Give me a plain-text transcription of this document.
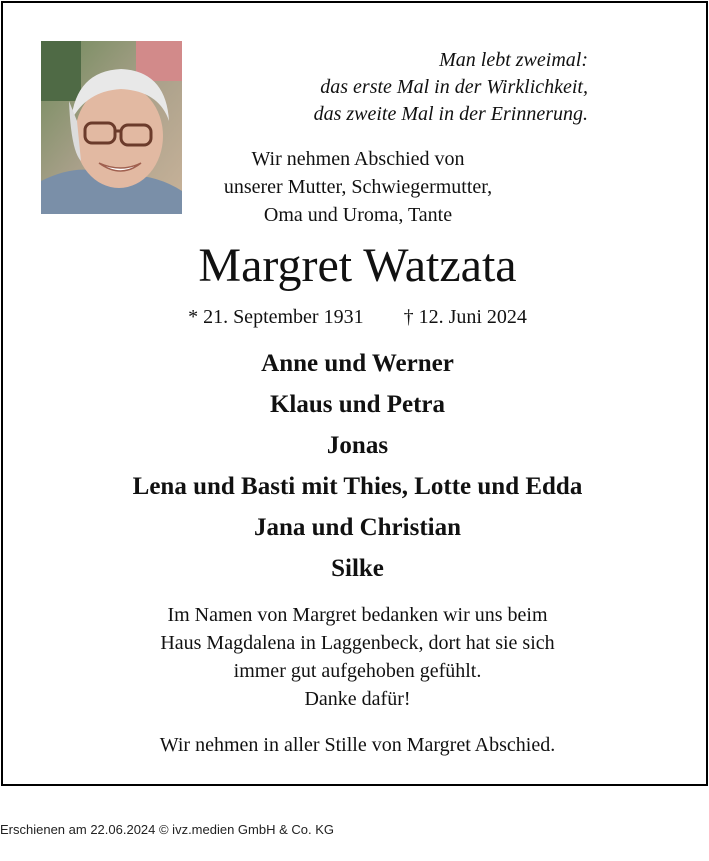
Man lebt zweimal:
das erste Mal in der Wirklichkeit,
das zweite Mal in der Erinnerung.
Wir nehmen Abschied von
unserer Mutter, Schwiegermutter,
Oma und Uroma, Tante
Margret Watzata
* 21. September 1931 † 12. Juni 2024
Anne und Werner
Klaus und Petra
Jonas
Lena und Basti mit Thies, Lotte und Edda
Jana und Christian
Silke
Im Namen von Margret bedanken wir uns beim
Haus Magdalena in Laggenbeck, dort hat sie sich
immer gut aufgehoben gefühlt.
Danke dafür!
Wir nehmen in aller Stille von Margret Abschied.
Erschienen am 22.06.2024 © ivz.medien GmbH & Co. KG
